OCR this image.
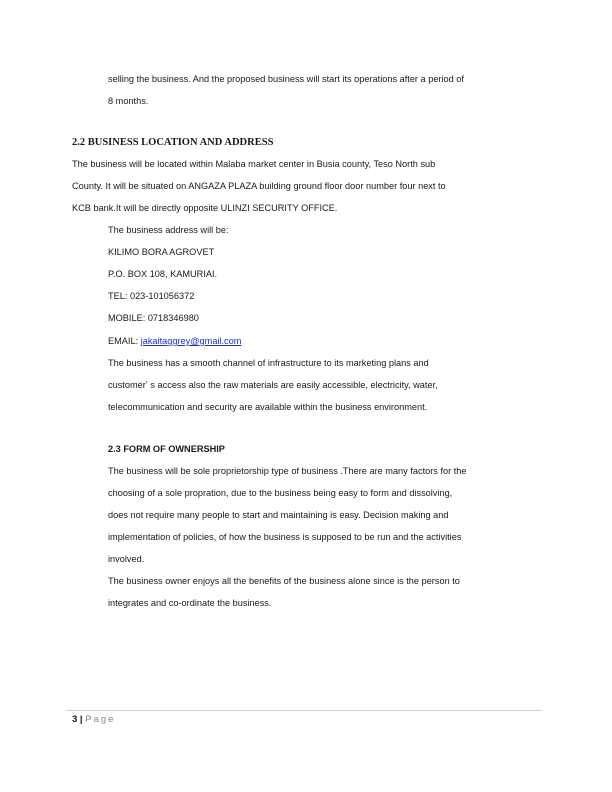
selling the business. And the proposed business will start its operations after a period of
8 months.
2.2 BUSINESS LOCATION AND ADDRESS
The business will be located within Malaba market center in Busia county, Teso North sub
County. It will be situated on ANGAZA PLAZA building ground floor door number four next to
KCB bank.It will be directly opposite ULINZI SECURITY OFFICE.
The business address will be:
KILIMO BORA AGROVET
P.O. BOX 108, KAMURIAI.
TEL: 023-101056372
MOBILE: 0718346980
EMAIL: jakaitaggrey@gmail.com
The business has a smooth channel of infrastructure to its marketing plans and
customerʼ s access also the raw materials are easily accessible, electricity, water,
telecommunication and security are available within the business environment.
2.3 FORM OF OWNERSHIP
The business will be sole proprietorship type of business .There are many factors for the
choosing of a sole propration, due to the business being easy to form and dissolving,
does not require many people to start and maintaining is easy. Decision making and
implementation of policies, of how the business is supposed to be run and the activities
involved.
The business owner enjoys all the benefits of the business alone since is the person to
integrates and co-ordinate the business.
3 | Page
